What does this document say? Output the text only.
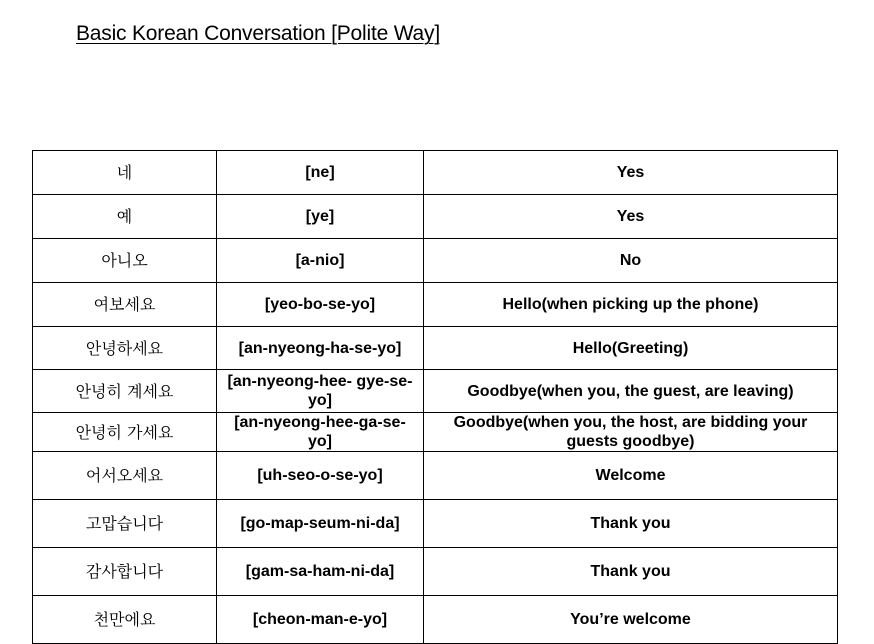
Basic Korean Conversation [Polite Way]
네	[ne]	Yes
예	[ye]	Yes
아니오	[a-nio]	No
여보세요	[yeo-bo-se-yo]	Hello(when picking up the phone)
안녕하세요	[an-nyeong-ha-se-yo]	Hello(Greeting)
안녕히 계세요	[an-nyeong-hee- gye-se-yo]	Goodbye(when you, the guest, are leaving)
안녕히 가세요	[an-nyeong-hee-ga-se-yo]	Goodbye(when you, the host, are bidding your guests goodbye)
어서오세요	[uh-seo-o-se-yo]	Welcome
고맙습니다	[go-map-seum-ni-da]	Thank you
감사합니다	[gam-sa-ham-ni-da]	Thank you
천만에요	[cheon-man-e-yo]	You’re welcome
